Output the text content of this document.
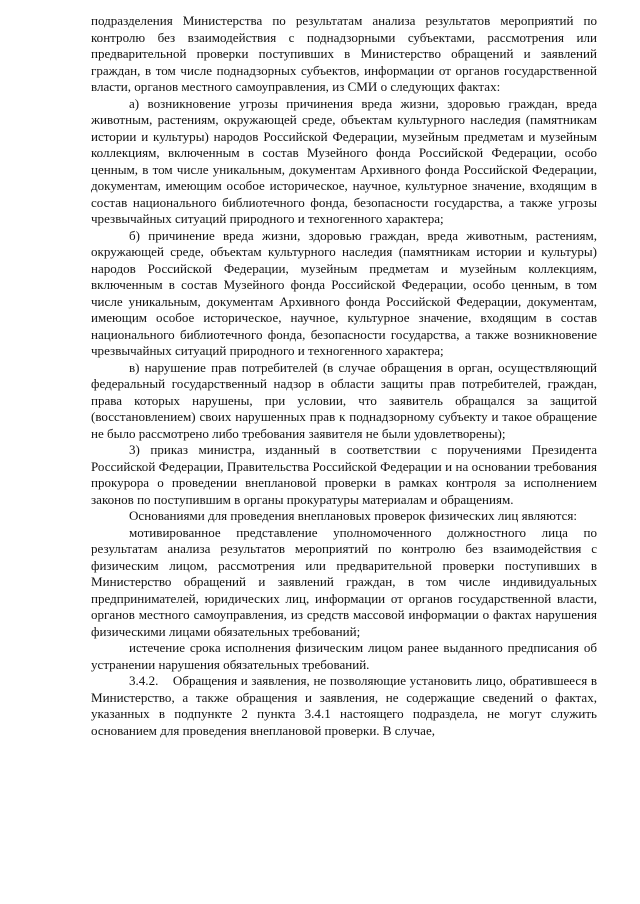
подразделения Министерства по результатам анализа результатов мероприятий по контролю без взаимодействия с поднадзорными субъектами, рассмотрения или предварительной проверки поступивших в Министерство обращений и заявлений граждан, в том числе поднадзорных субъектов, информации от органов государственной власти, органов местного самоуправления, из СМИ о следующих фактах:

а) возникновение угрозы причинения вреда жизни, здоровью граждан, вреда животным, растениям, окружающей среде, объектам культурного наследия (памятникам истории и культуры) народов Российской Федерации, музейным предметам и музейным коллекциям, включенным в состав Музейного фонда Российской Федерации, особо ценным, в том числе уникальным, документам Архивного фонда Российской Федерации, документам, имеющим особое историческое, научное, культурное значение, входящим в состав национального библиотечного фонда, безопасности государства, а также угрозы чрезвычайных ситуаций природного и техногенного характера;

б) причинение вреда жизни, здоровью граждан, вреда животным, растениям, окружающей среде, объектам культурного наследия (памятникам истории и культуры) народов Российской Федерации, музейным предметам и музейным коллекциям, включенным в состав Музейного фонда Российской Федерации, особо ценным, в том числе уникальным, документам Архивного фонда Российской Федерации, документам, имеющим особое историческое, научное, культурное значение, входящим в состав национального библиотечного фонда, безопасности государства, а также возникновение чрезвычайных ситуаций природного и техногенного характера;

в) нарушение прав потребителей (в случае обращения в орган, осуществляющий федеральный государственный надзор в области защиты прав потребителей, граждан, права которых нарушены, при условии, что заявитель обращался за защитой (восстановлением) своих нарушенных прав к поднадзорному субъекту и такое обращение не было рассмотрено либо требования заявителя не были удовлетворены);

3) приказ министра, изданный в соответствии с поручениями Президента Российской Федерации, Правительства Российской Федерации и на основании требования прокурора о проведении внеплановой проверки в рамках контроля за исполнением законов по поступившим в органы прокуратуры материалам и обращениям.

Основаниями для проведения внеплановых проверок физических лиц являются:

мотивированное представление уполномоченного должностного лица по результатам анализа результатов мероприятий по контролю без взаимодействия с физическим лицом, рассмотрения или предварительной проверки поступивших в Министерство обращений и заявлений граждан, в том числе индивидуальных предпринимателей, юридических лиц, информации от органов государственной власти, органов местного самоуправления, из средств массовой информации о фактах нарушения физическими лицами обязательных требований;

истечение срока исполнения физическим лицом ранее выданного предписания об устранении нарушения обязательных требований.

3.4.2.    Обращения и заявления, не позволяющие установить лицо, обратившееся в Министерство, а также обращения и заявления, не содержащие сведений о фактах, указанных в подпункте 2 пункта 3.4.1 настоящего подраздела, не могут служить основанием для проведения внеплановой проверки. В случае,
